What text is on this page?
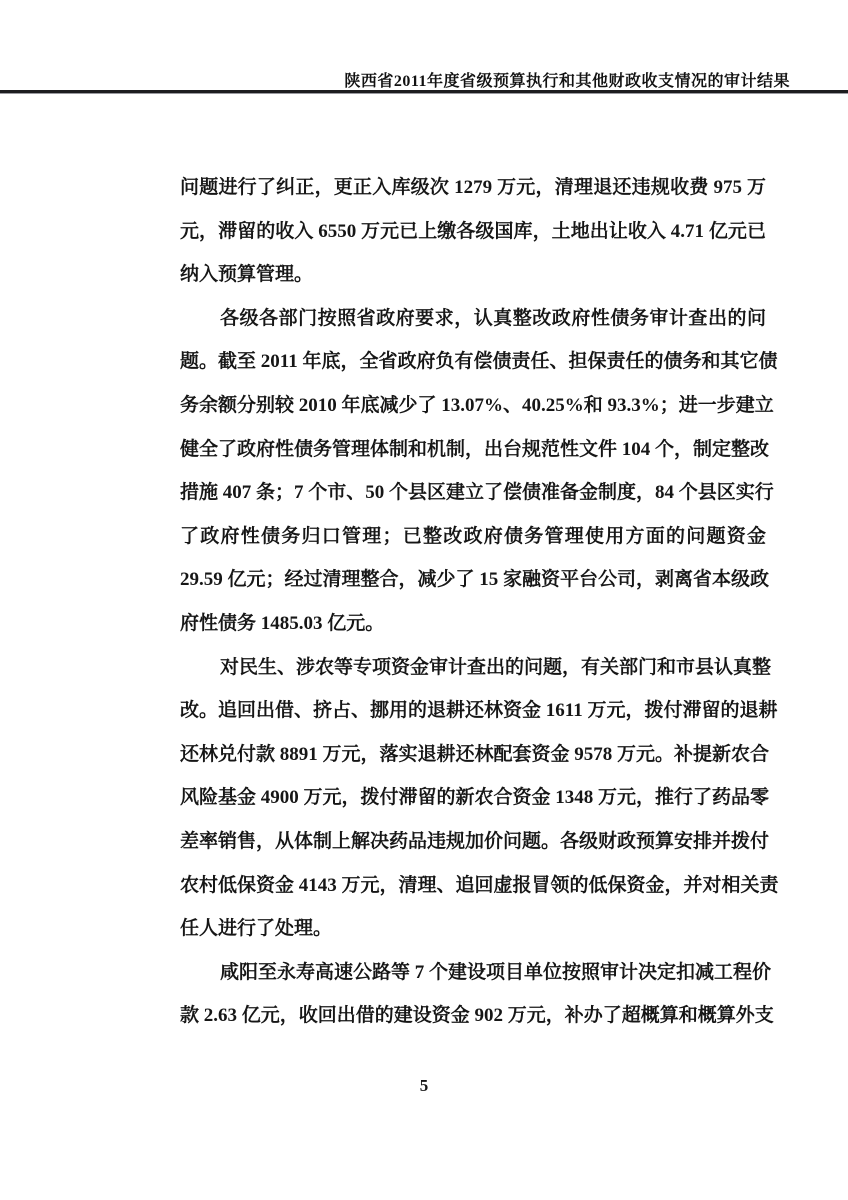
陕西省2011年度省级预算执行和其他财政收支情况的审计结果
问题进行了纠正，更正入库级次 1279 万元，清理退还违规收费 975 万
元，滞留的收入 6550 万元已上缴各级国库，土地出让收入 4.71 亿元已
纳入预算管理。
各级各部门按照省政府要求，认真整改政府性债务审计查出的问
题。截至 2011 年底，全省政府负有偿债责任、担保责任的债务和其它债
务余额分别较 2010 年底减少了 13.07%、40.25%和 93.3%；进一步建立
健全了政府性债务管理体制和机制，出台规范性文件 104 个，制定整改
措施 407 条；7 个市、50 个县区建立了偿债准备金制度，84 个县区实行
了政府性债务归口管理；已整改政府债务管理使用方面的问题资金
29.59 亿元；经过清理整合，减少了 15 家融资平台公司，剥离省本级政
府性债务 1485.03 亿元。
对民生、涉农等专项资金审计查出的问题，有关部门和市县认真整
改。追回出借、挤占、挪用的退耕还林资金 1611 万元，拨付滞留的退耕
还林兑付款 8891 万元，落实退耕还林配套资金 9578 万元。补提新农合
风险基金 4900 万元，拨付滞留的新农合资金 1348 万元，推行了药品零
差率销售，从体制上解决药品违规加价问题。各级财政预算安排并拨付
农村低保资金 4143 万元，清理、追回虚报冒领的低保资金，并对相关责
任人进行了处理。
咸阳至永寿高速公路等 7 个建设项目单位按照审计决定扣减工程价
款 2.63 亿元，收回出借的建设资金 902 万元，补办了超概算和概算外支
5
